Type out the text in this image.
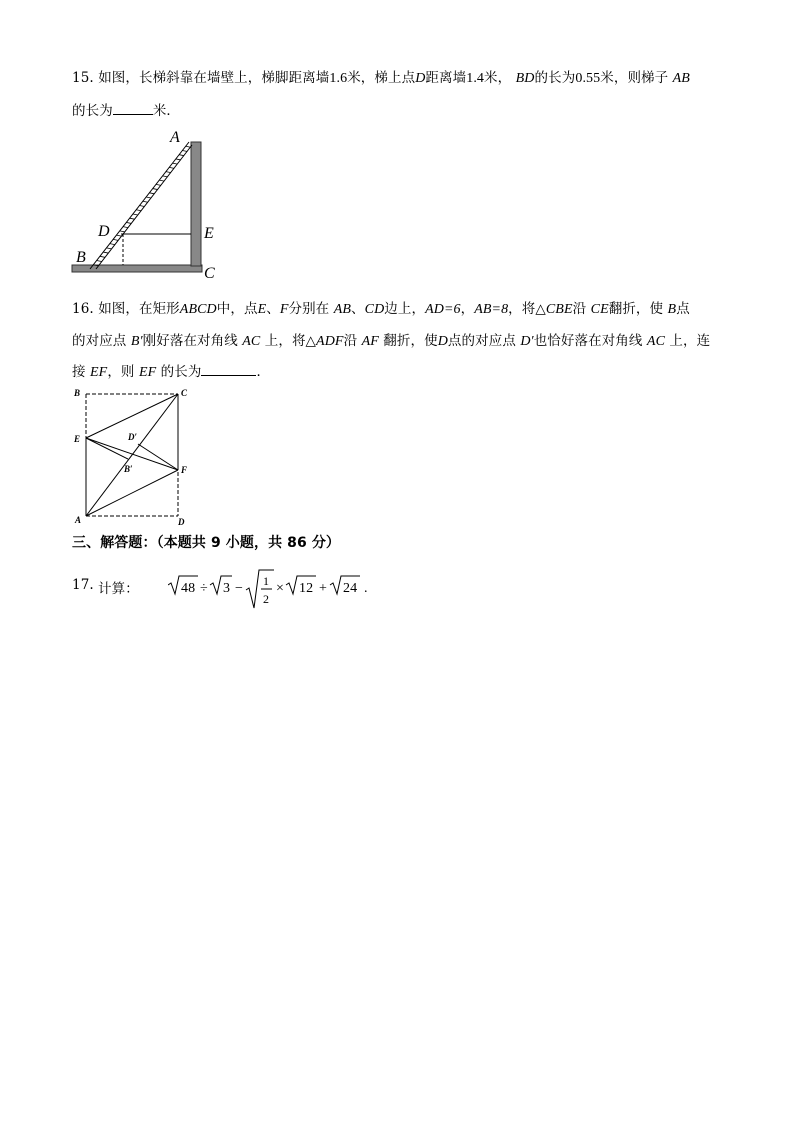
15. 如图，长梯斜靠在墙壁上，梯脚距离墙1.6米，梯上点D距离墙1.4米， BD的长为0.55米，则梯子 AB
的长为	米．
A
D	E
B
C
16. 如图，在矩形ABCD中，点E、F分别在 AB、CD边上，AD=6，AB=8，将△CBE沿 CE翻折，使 B点
的对应点 B′刚好落在对角线 AC 上，将△ADF沿 AF 翻折，使D点的对应点 D′也恰好落在对角线 AC 上，连
接 EF，则 EF 的长为	．
B	C
E	D′
B′	F
A	D
三、解答题：（本题共 9 小题，共 86 分）
17. 计算：	48 ÷ 3 − 1
2
× 12 + 24 .
